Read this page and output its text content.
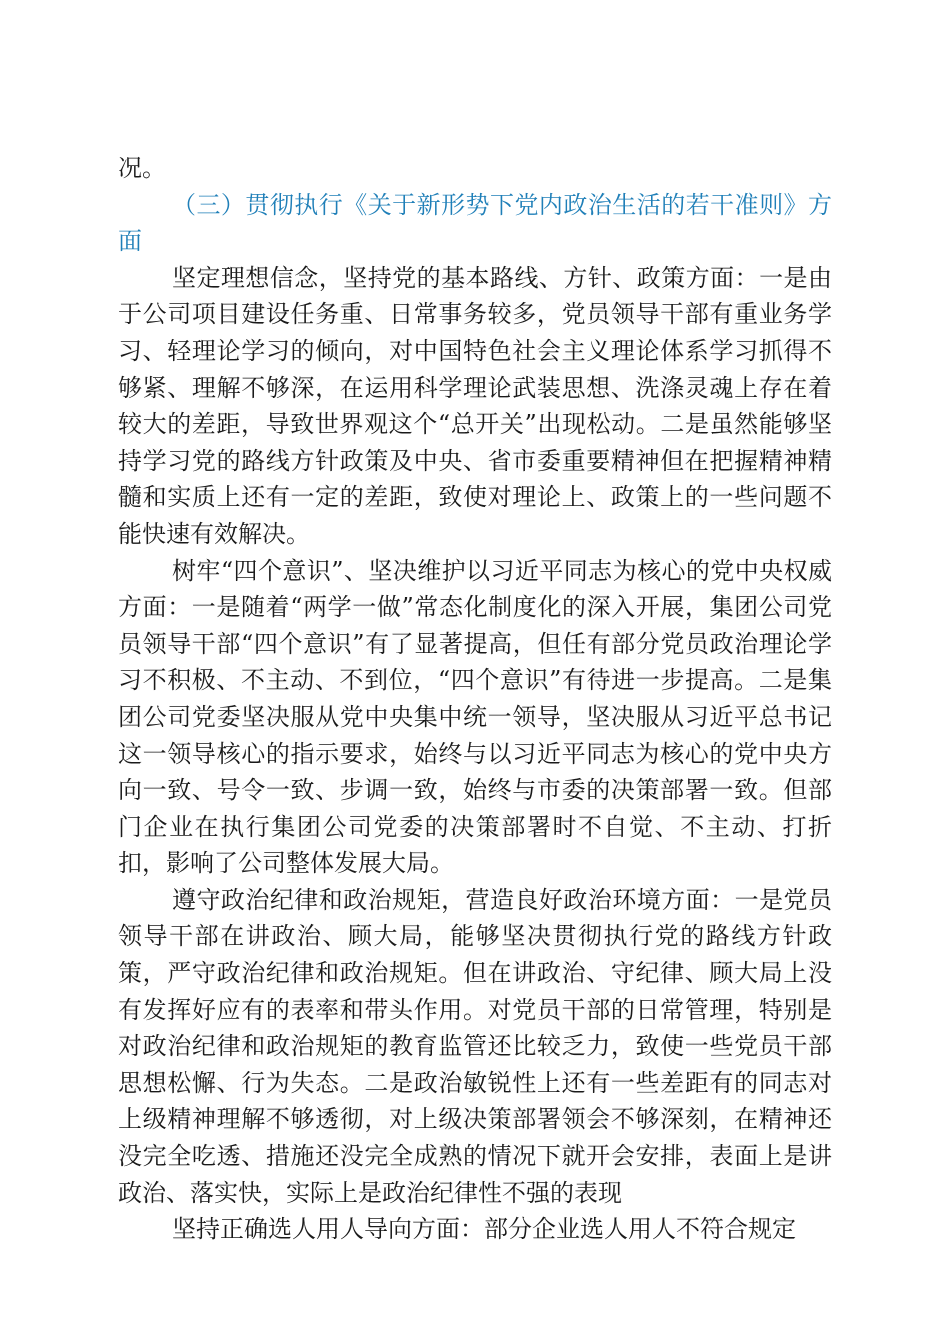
况。

（三）贯彻执行《关于新形势下党内政治生活的若干准则》方面

坚定理想信念，坚持党的基本路线、方针、政策方面：一是由于公司项目建设任务重、日常事务较多，党员领导干部有重业务学习、轻理论学习的倾向，对中国特色社会主义理论体系学习抓得不够紧、理解不够深，在运用科学理论武装思想、洗涤灵魂上存在着较大的差距，导致世界观这个“总开关”出现松动。二是虽然能够坚持学习党的路线方针政策及中央、省市委重要精神但在把握精神精髓和实质上还有一定的差距，致使对理论上、政策上的一些问题不能快速有效解决。

树牢“四个意识”、坚决维护以习近平同志为核心的党中央权威方面：一是随着“两学一做”常态化制度化的深入开展，集团公司党员领导干部“四个意识”有了显著提高，但任有部分党员政治理论学习不积极、不主动、不到位，“四个意识”有待进一步提高。二是集团公司党委坚决服从党中央集中统一领导，坚决服从习近平总书记这一领导核心的指示要求，始终与以习近平同志为核心的党中央方向一致、号令一致、步调一致，始终与市委的决策部署一致。但部门企业在执行集团公司党委的决策部署时不自觉、不主动、打折扣，影响了公司整体发展大局。

遵守政治纪律和政治规矩，营造良好政治环境方面：一是党员领导干部在讲政治、顾大局，能够坚决贯彻执行党的路线方针政策，严守政治纪律和政治规矩。但在讲政治、守纪律、顾大局上没有发挥好应有的表率和带头作用。对党员干部的日常管理，特别是对政治纪律和政治规矩的教育监管还比较乏力，致使一些党员干部思想松懈、行为失态。二是政治敏锐性上还有一些差距有的同志对上级精神理解不够透彻，对上级决策部署领会不够深刻，在精神还没完全吃透、措施还没完全成熟的情况下就开会安排，表面上是讲政治、落实快，实际上是政治纪律性不强的表现

坚持正确选人用人导向方面：部分企业选人用人不符合规定
